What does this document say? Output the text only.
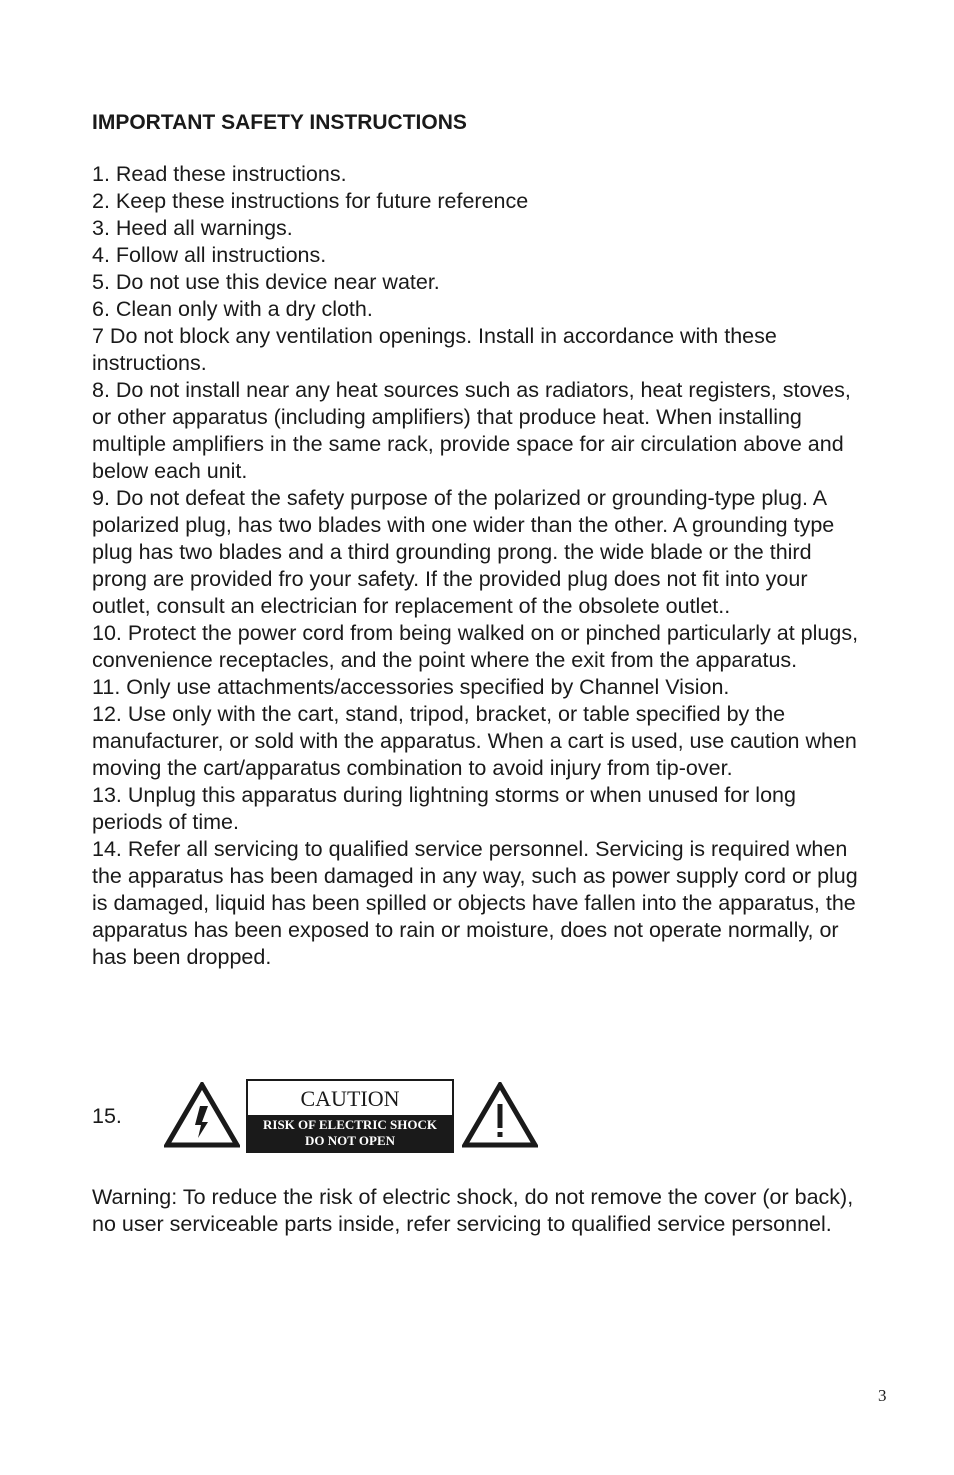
IMPORTANT SAFETY INSTRUCTIONS

1. Read these instructions.

2. Keep these instructions for future reference

3. Heed all warnings.

4. Follow all instructions.

5. Do not use this device near water.

6. Clean only with a dry cloth.

7 Do not block any ventilation openings. Install in accordance with these instructions.

8. Do not install near any heat sources such as radiators, heat registers, stoves, or other apparatus (including amplifiers) that produce heat. When installing multiple amplifiers in the same rack, provide space for air circulation above and below each unit.

9. Do not defeat the safety purpose of the polarized or grounding-type plug. A polarized plug, has two blades with one wider than the other. A grounding type plug has two blades and a third grounding prong. the wide blade or the third prong are provided fro your safety. If the provided plug does not fit into your outlet, consult an electrician for replacement of the obsolete outlet..

10. Protect the power cord from being walked on or pinched particularly at plugs, convenience receptacles, and the point where the exit from the apparatus.

11. Only use attachments/accessories specified by Channel Vision.

12. Use only with the cart, stand, tripod, bracket, or table specified by the manufacturer, or sold with the apparatus. When a cart is used, use caution when moving the cart/apparatus combination to avoid injury from tip-over.

13. Unplug this apparatus during lightning storms or when unused for long periods of time.

14. Refer all servicing to qualified service personnel. Servicing is required when the apparatus has been damaged in any way, such as power supply cord or plug is damaged, liquid has been spilled or objects have fallen into the apparatus, the apparatus has been exposed to rain or moisture, does not operate normally, or has been dropped.

15.
CAUTION
RISK OF ELECTRIC SHOCK
DO NOT OPEN

Warning: To reduce the risk of electric shock, do not remove the cover (or back), no user serviceable parts inside, refer servicing to qualified service personnel.

3
